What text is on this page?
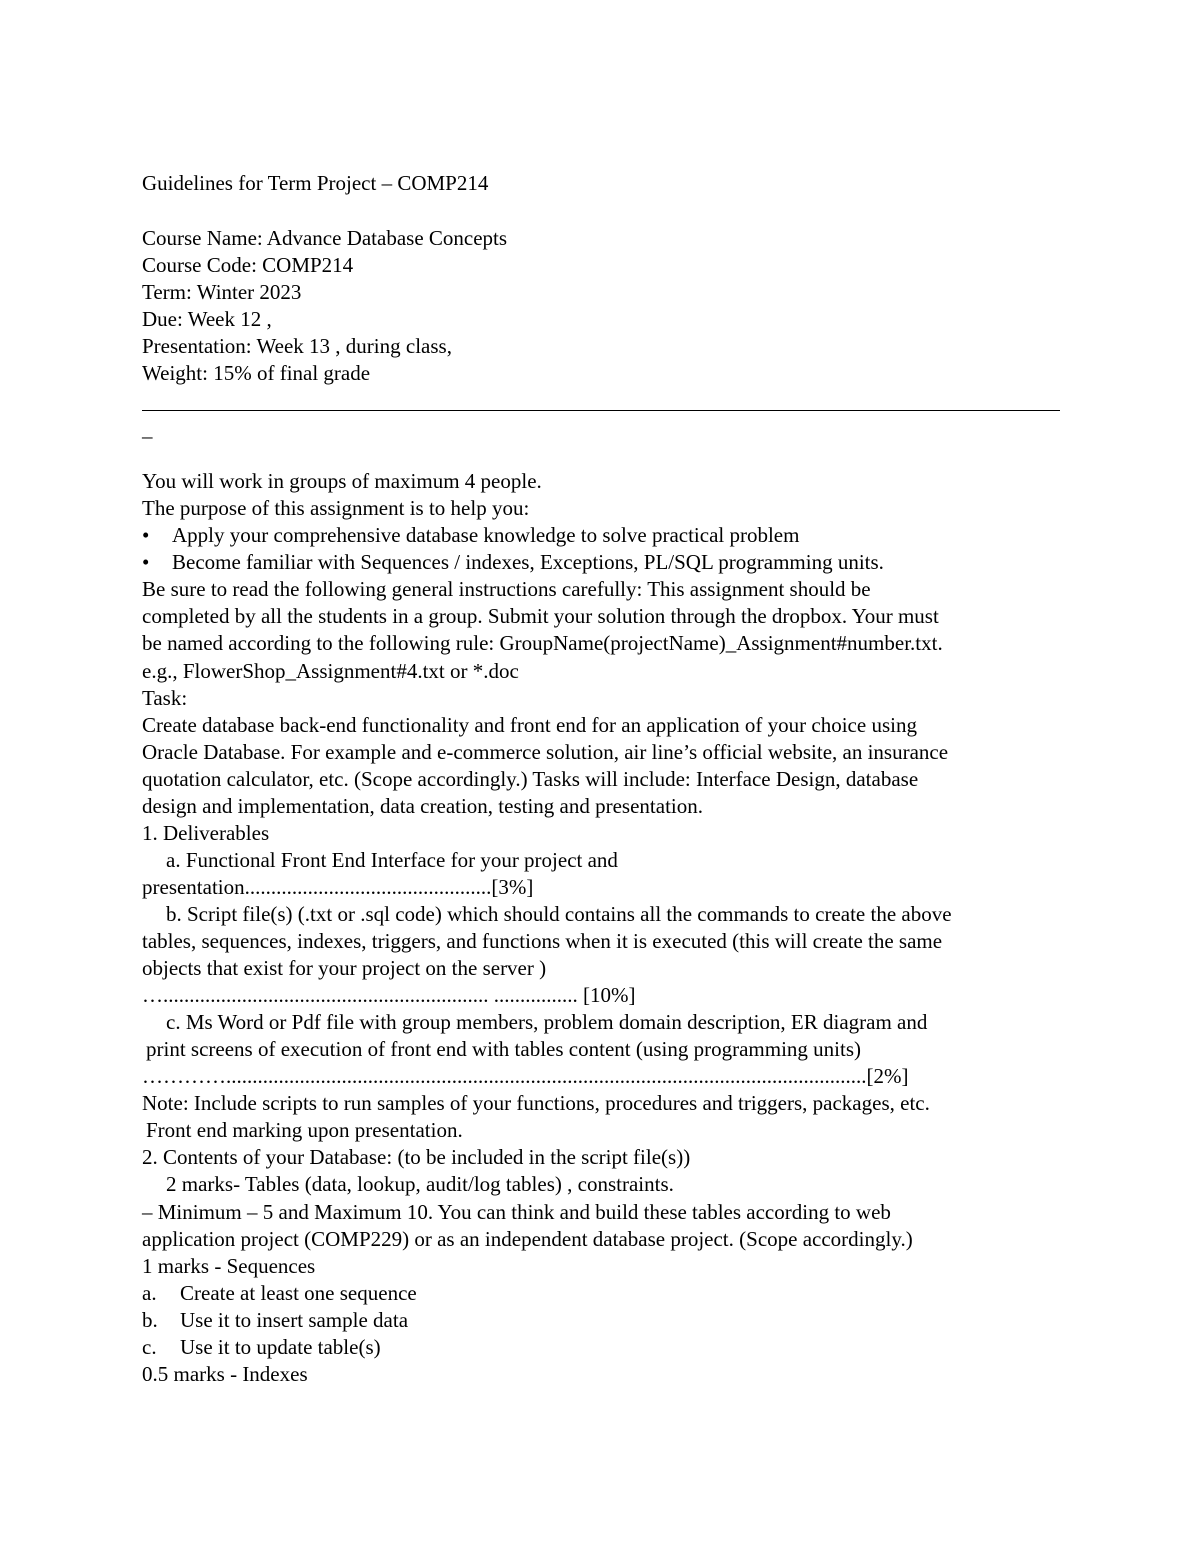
Guidelines for Term Project – COMP214
Course Name: Advance Database Concepts
Course Code: COMP214
Term: Winter 2023
Due: Week 12 ,
Presentation: Week 13 , during class,
Weight: 15% of final grade
–
You will work in groups of maximum 4 people.
The purpose of this assignment is to help you:
• Apply your comprehensive database knowledge to solve practical problem
• Become familiar with Sequences / indexes, Exceptions, PL/SQL programming units.
Be sure to read the following general instructions carefully: This assignment should be
completed by all the students in a group. Submit your solution through the dropbox. Your must
be named according to the following rule: GroupName(projectName)_Assignment#number.txt.
e.g., FlowerShop_Assignment#4.txt or *.doc
Task:
Create database back-end functionality and front end for an application of your choice using
Oracle Database. For example and e-commerce solution, air line’s official website, an insurance
quotation calculator, etc. (Scope accordingly.) Tasks will include: Interface Design, database
design and implementation, data creation, testing and presentation.
1. Deliverables
a. Functional Front End Interface for your project and
presentation...............................................[3%]
b. Script file(s) (.txt or .sql code) which should contains all the commands to create the above
tables, sequences, indexes, triggers, and functions when it is executed (this will create the same
objects that exist for your project on the server )
….............................................................. ................ [10%]
c. Ms Word or Pdf file with group members, problem domain description, ER diagram and
print screens of execution of front end with tables content (using programming units)
…………..........................................................................................................................[2%]
Note: Include scripts to run samples of your functions, procedures and triggers, packages, etc.
Front end marking upon presentation.
2. Contents of your Database: (to be included in the script file(s))
2 marks- Tables (data, lookup, audit/log tables) , constraints.
– Minimum – 5 and Maximum 10. You can think and build these tables according to web
application project (COMP229) or as an independent database project. (Scope accordingly.)
1 marks - Sequences
a. Create at least one sequence
b. Use it to insert sample data
c. Use it to update table(s)
0.5 marks - Indexes
